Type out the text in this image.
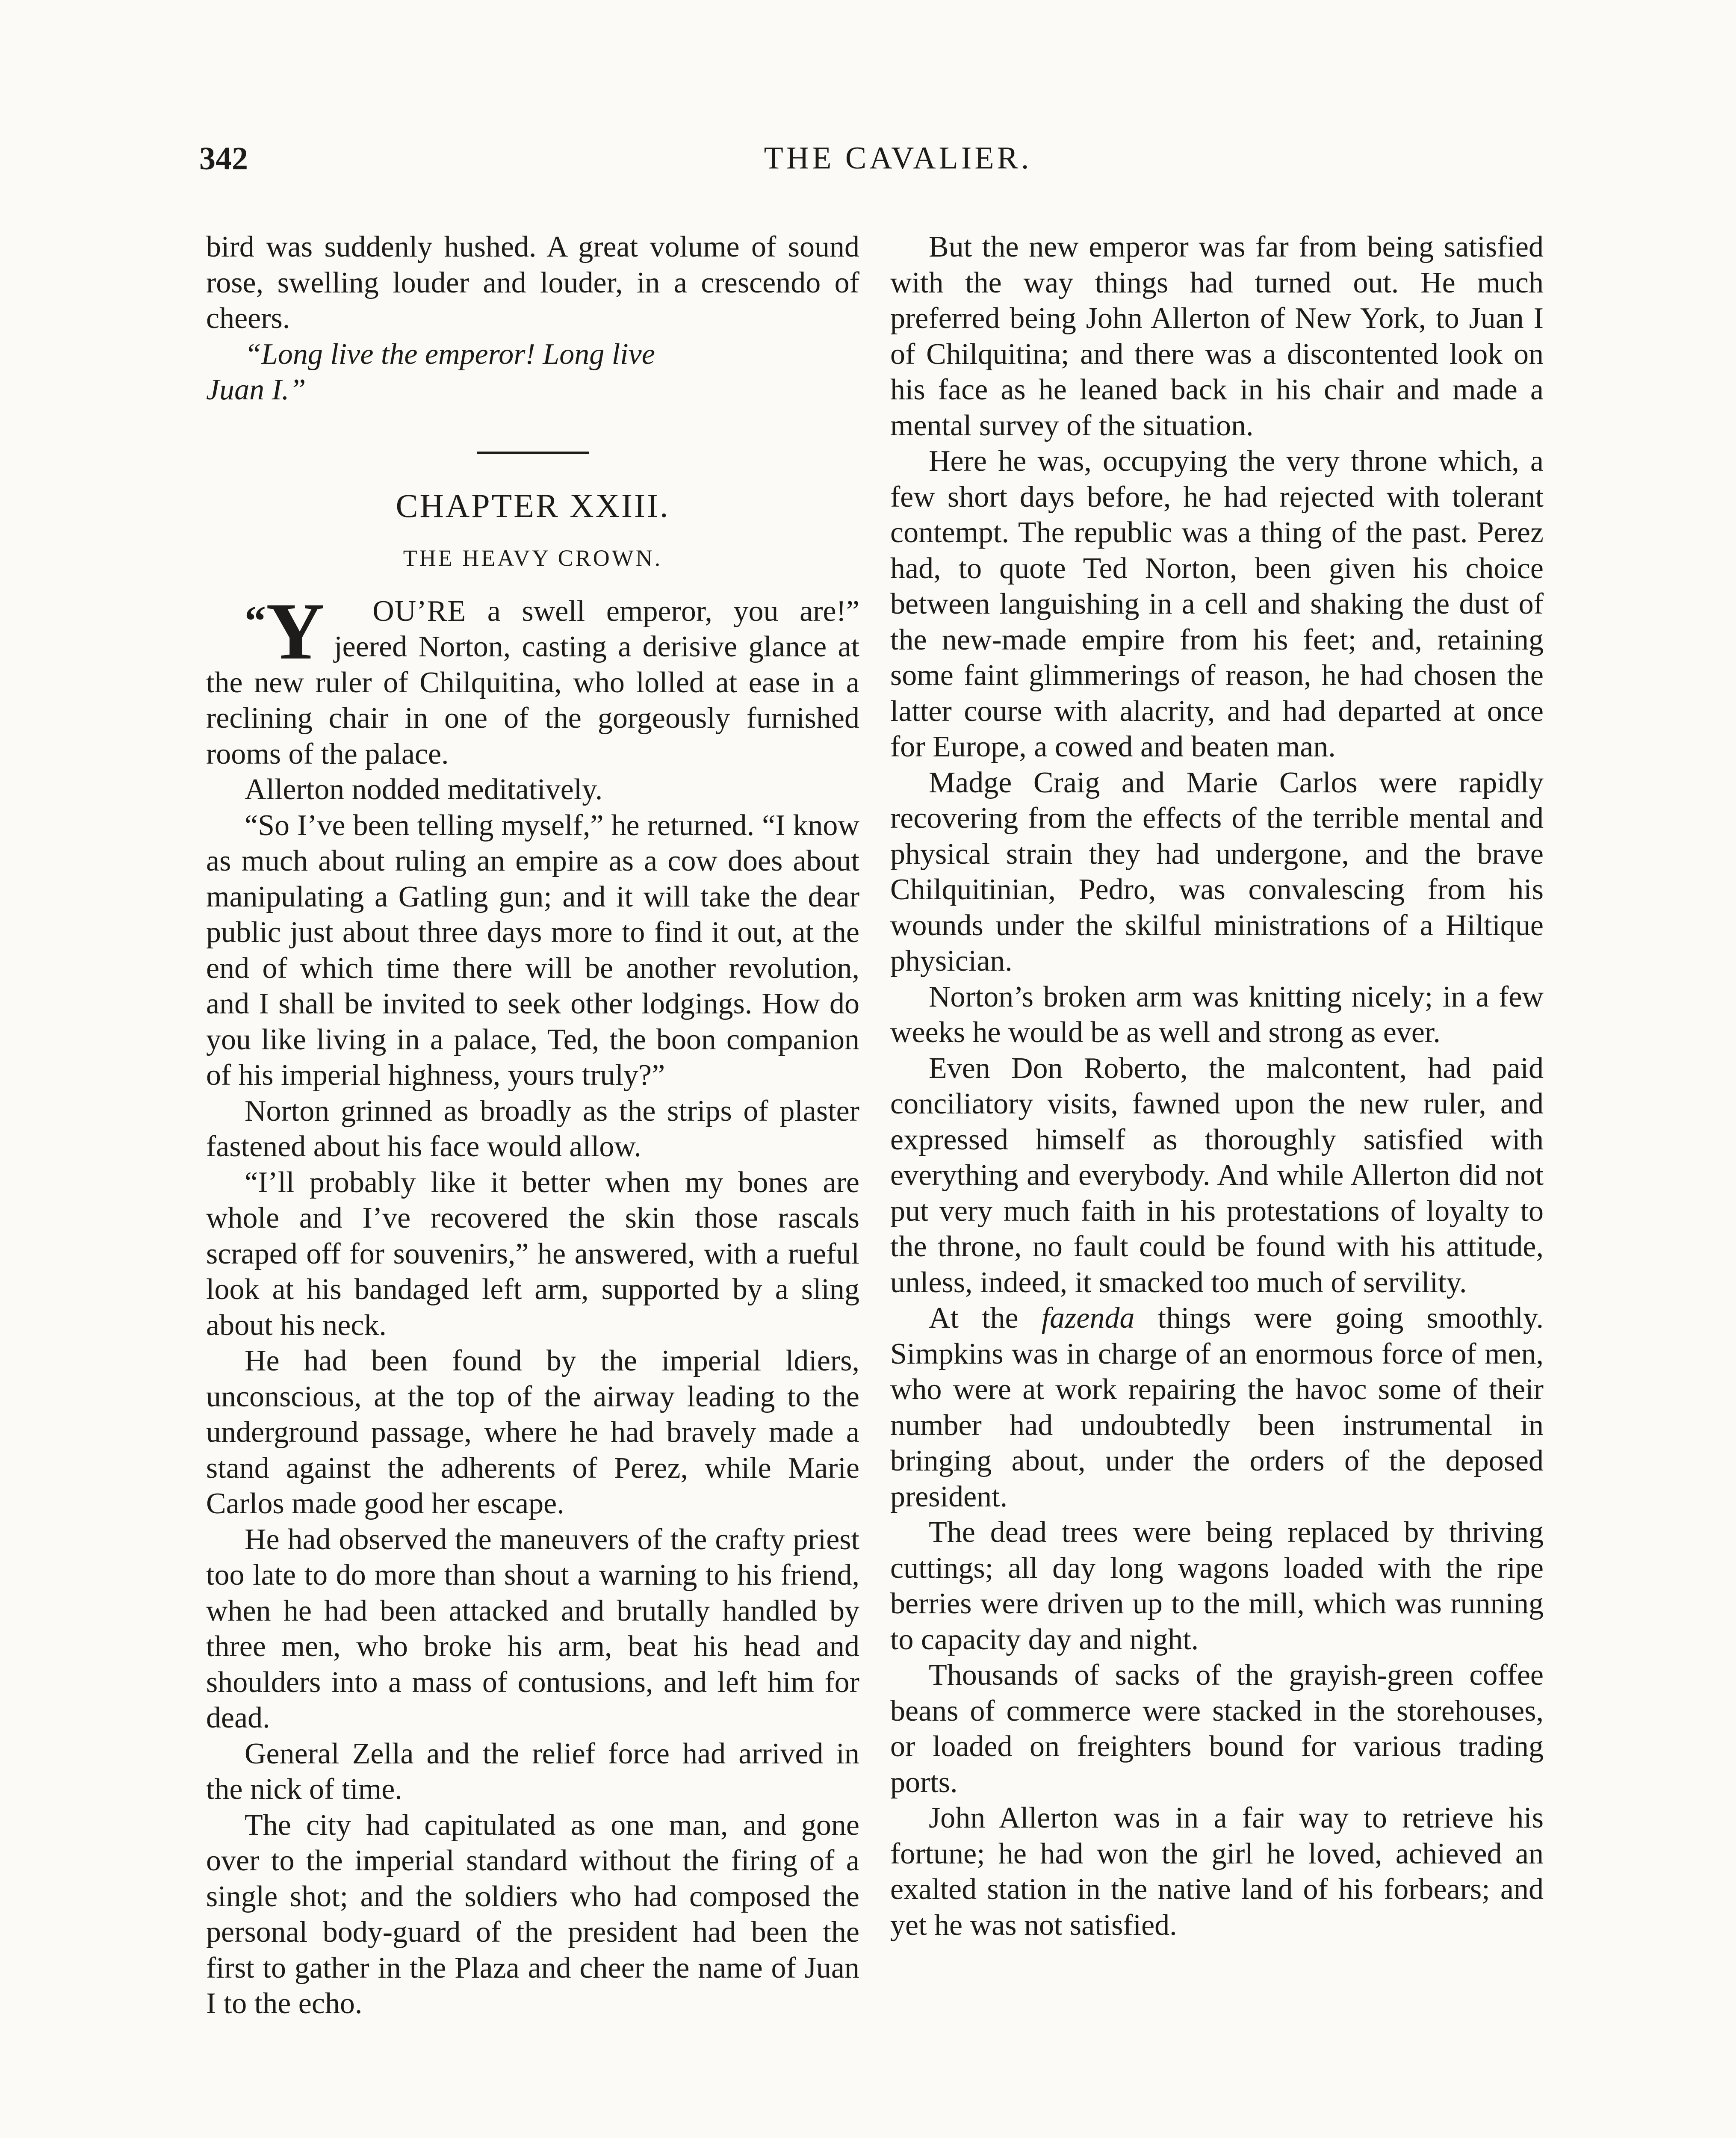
342	THE CAVALIER.

bird was suddenly hushed. A great volume of sound rose, swelling louder and louder, in a crescendo of cheers.

“Long live the emperor! Long live
Juan I.”

CHAPTER XXIII.
THE HEAVY CROWN.

“Y OU’RE a swell emperor, you are!” jeered Norton, casting a derisive glance at the new ruler of Chilquitina, who lolled at ease in a reclining chair in one of the gorgeously furnished rooms of the palace.

Allerton nodded meditatively.

“So I’ve been telling myself,” he returned. “I know as much about ruling an empire as a cow does about manipulating a Gatling gun; and it will take the dear public just about three days more to find it out, at the end of which time there will be another revolution, and I shall be invited to seek other lodgings. How do you like living in a palace, Ted, the boon companion of his imperial highness, yours truly?”

Norton grinned as broadly as the strips of plaster fastened about his face would allow.

“I’ll probably like it better when my bones are whole and I’ve recovered the skin those rascals scraped off for souvenirs,” he answered, with a rueful look at his bandaged left arm, supported by a sling about his neck.

He had been found by the imperial ldiers, unconscious, at the top of the airway leading to the underground passage, where he had bravely made a stand against the adherents of Perez, while Marie Carlos made good her escape.

He had observed the maneuvers of the crafty priest too late to do more than shout a warning to his friend, when he had been attacked and brutally handled by three men, who broke his arm, beat his head and shoulders into a mass of contusions, and left him for dead.

General Zella and the relief force had arrived in the nick of time.

The city had capitulated as one man, and gone over to the imperial standard without the firing of a single shot; and the soldiers who had composed the personal body-guard of the president had been the first to gather in the Plaza and cheer the name of Juan I to the echo.

But the new emperor was far from being satisfied with the way things had turned out. He much preferred being John Allerton of New York, to Juan I of Chilquitina; and there was a discontented look on his face as he leaned back in his chair and made a mental survey of the situation.

Here he was, occupying the very throne which, a few short days before, he had rejected with tolerant contempt. The republic was a thing of the past. Perez had, to quote Ted Norton, been given his choice between languishing in a cell and shaking the dust of the new-made empire from his feet; and, retaining some faint glimmerings of reason, he had chosen the latter course with alacrity, and had departed at once for Europe, a cowed and beaten man.

Madge Craig and Marie Carlos were rapidly recovering from the effects of the terrible mental and physical strain they had undergone, and the brave Chilquitinian, Pedro, was convalescing from his wounds under the skilful ministrations of a Hiltique physician.

Norton’s broken arm was knitting nicely; in a few weeks he would be as well and strong as ever.

Even Don Roberto, the malcontent, had paid conciliatory visits, fawned upon the new ruler, and expressed himself as thoroughly satisfied with everything and everybody. And while Allerton did not put very much faith in his protestations of loyalty to the throne, no fault could be found with his attitude, unless, indeed, it smacked too much of servility.

At the fazenda things were going smoothly. Simpkins was in charge of an enormous force of men, who were at work repairing the havoc some of their number had undoubtedly been instrumental in bringing about, under the orders of the deposed president.

The dead trees were being replaced by thriving cuttings; all day long wagons loaded with the ripe berries were driven up to the mill, which was running to capacity day and night.

Thousands of sacks of the grayish-green coffee beans of commerce were stacked in the storehouses, or loaded on freighters bound for various trading ports.

John Allerton was in a fair way to retrieve his fortune; he had won the girl he loved, achieved an exalted station in the native land of his forbears; and yet he was not satisfied.
